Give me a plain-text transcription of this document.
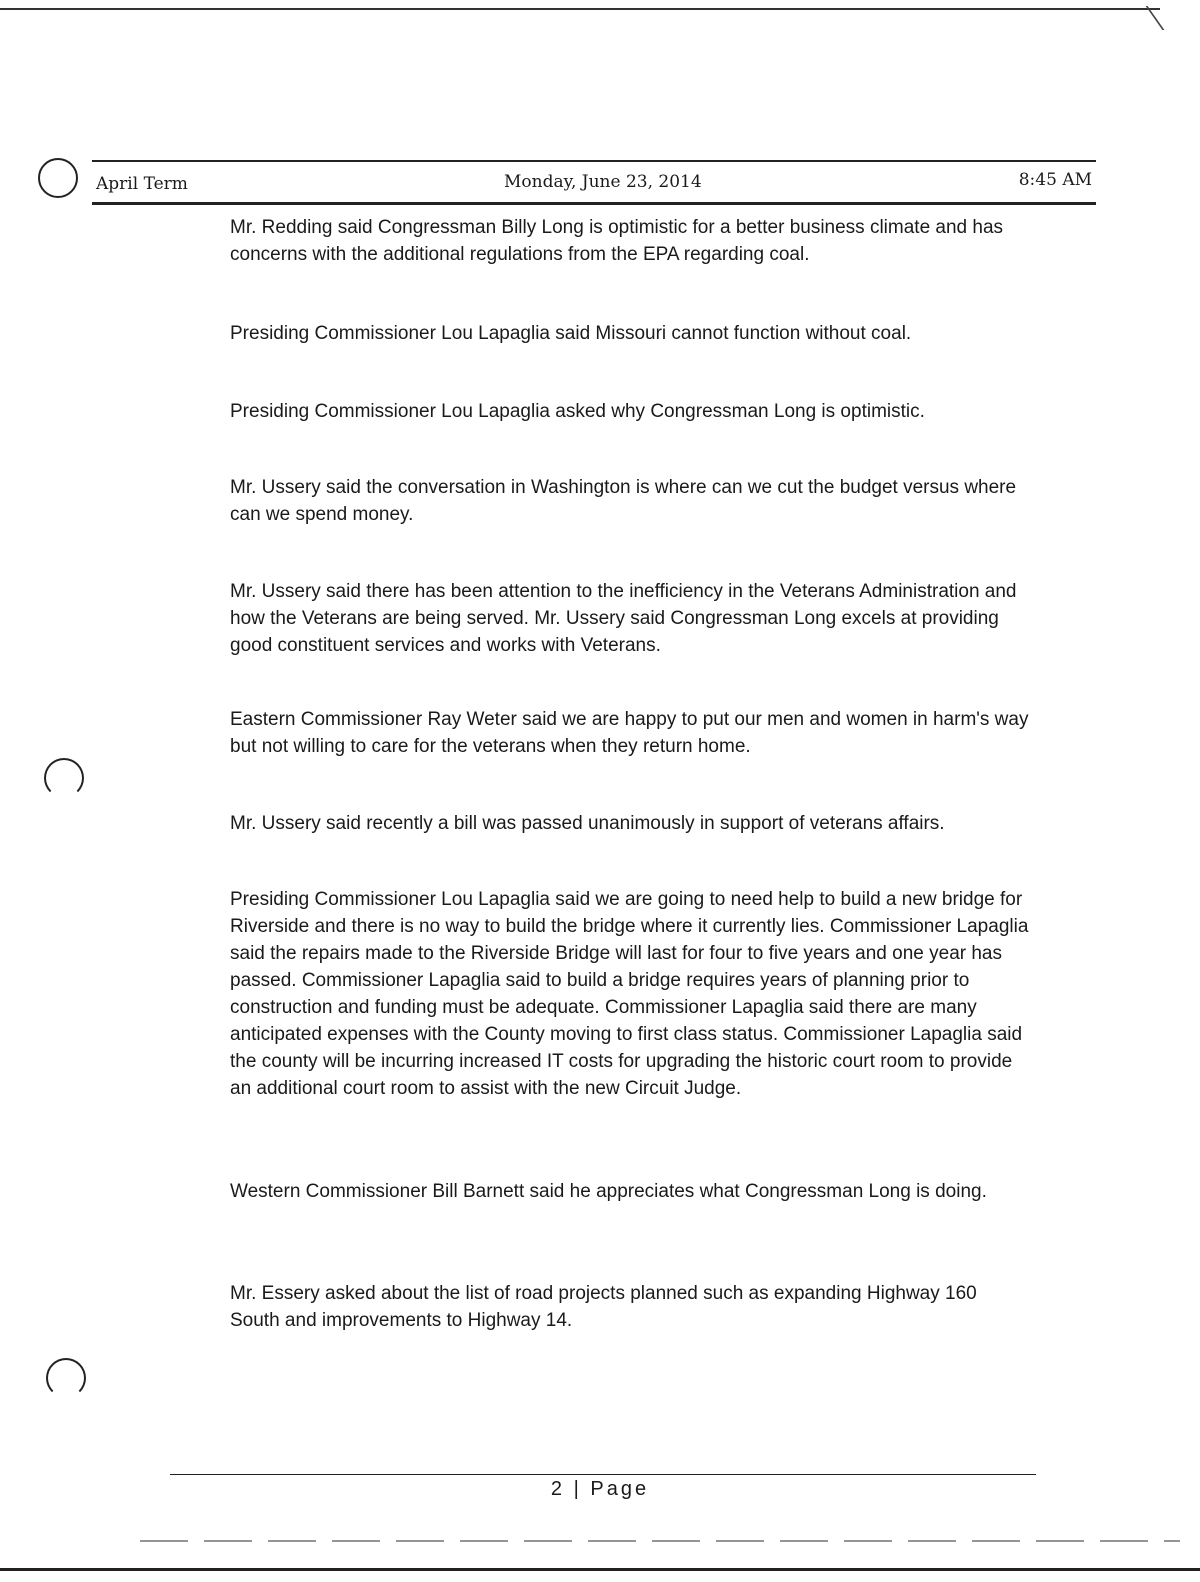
April Term	Monday, June 23, 2014	8:45 AM

Mr. Redding said Congressman Billy Long is optimistic for a better business climate and has concerns with the additional regulations from the EPA regarding coal.

Presiding Commissioner Lou Lapaglia said Missouri cannot function without coal.

Presiding Commissioner Lou Lapaglia asked why Congressman Long is optimistic.

Mr. Ussery said the conversation in Washington is where can we cut the budget versus where can we spend money.

Mr. Ussery said there has been attention to the inefficiency in the Veterans Administration and how the Veterans are being served. Mr. Ussery said Congressman Long excels at providing good constituent services and works with Veterans.

Eastern Commissioner Ray Weter said we are happy to put our men and women in harm's way but not willing to care for the veterans when they return home.

Mr. Ussery said recently a bill was passed unanimously in support of veterans affairs.

Presiding Commissioner Lou Lapaglia said we are going to need help to build a new bridge for Riverside and there is no way to build the bridge where it currently lies. Commissioner Lapaglia said the repairs made to the Riverside Bridge will last for four to five years and one year has passed. Commissioner Lapaglia said to build a bridge requires years of planning prior to construction and funding must be adequate. Commissioner Lapaglia said there are many anticipated expenses with the County moving to first class status. Commissioner Lapaglia said the county will be incurring increased IT costs for upgrading the historic court room to provide an additional court room to assist with the new Circuit Judge.

Western Commissioner Bill Barnett said he appreciates what Congressman Long is doing.

Mr. Essery asked about the list of road projects planned such as expanding Highway 160 South and improvements to Highway 14.

2 | Page
